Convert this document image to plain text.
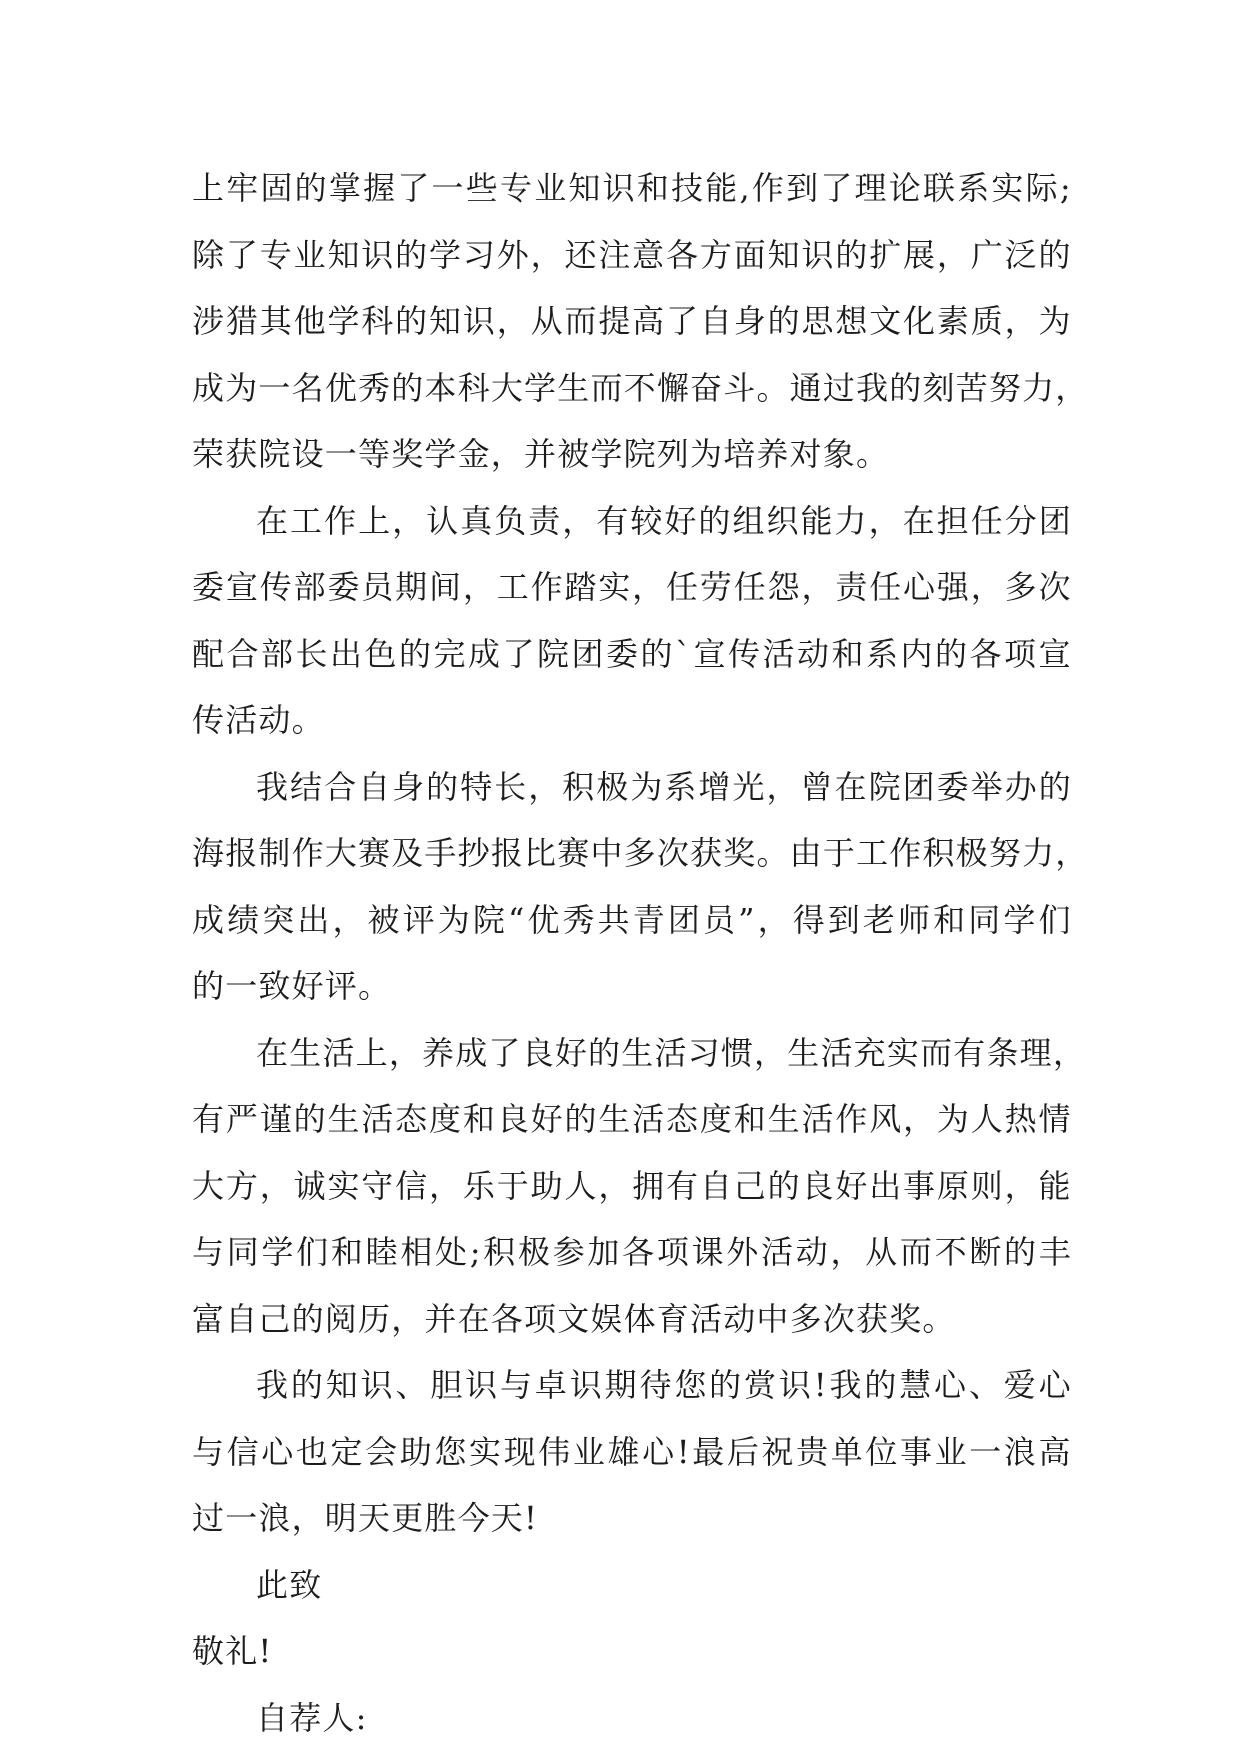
上 牢 固 的 掌 握 了 一 些 专 业 知 识 和 技 能 , 作 到 了 理 论 联 系 实 际 ;
除 了 专 业 知 识 的 学 习 外 ， 还 注 意 各 方 面 知 识 的 扩 展 ， 广 泛 的
涉 猎 其 他 学 科 的 知 识 ， 从 而 提 高 了 自 身 的 思 想 文 化 素 质 ， 为
成 为 一 名 优 秀 的 本 科 大 学 生 而 不 懈 奋 斗 。 通 过 我 的 刻 苦 努 力 ，
荣获院设一等奖学金，并被学院列为培养对象。
在 工 作 上 ， 认 真 负 责 ， 有 较 好 的 组 织 能 力 ， 在 担 任 分 团
委 宣 传 部 委 员 期 间 ， 工 作 踏 实 ， 任 劳 任 怨 ， 责 任 心 强 ， 多 次
配 合 部 长 出 色 的 完 成 了 院 团 委 的 ` 宣 传 活 动 和 系 内 的 各 项 宣
传活动。
我 结 合 自 身 的 特 长 ， 积 极 为 系 增 光 ， 曾 在 院 团 委 举 办 的
海 报 制 作 大 赛 及 手 抄 报 比 赛 中 多 次 获 奖 。 由 于 工 作 积 极 努 力 ，
成 绩 突 出 ， 被 评 为 院 “ 优 秀 共 青 团 员 ” ， 得 到 老 师 和 同 学 们
的一致好评。
在 生 活 上 ， 养 成 了 良 好 的 生 活 习 惯 ， 生 活 充 实 而 有 条 理 ，
有 严 谨 的 生 活 态 度 和 良 好 的 生 活 态 度 和 生 活 作 风 ， 为 人 热 情
大 方 ， 诚 实 守 信 ， 乐 于 助 人 ， 拥 有 自 己 的 良 好 出 事 原 则 ， 能
与 同 学 们 和 睦 相 处 ; 积 极 参 加 各 项 课 外 活 动 ， 从 而 不 断 的 丰
富自己的阅历，并在各项文娱体育活动中多次获奖。
我 的 知 识 、 胆 识 与 卓 识 期 待 您 的 赏 识 ! 我 的 慧 心 、 爱 心
与 信 心 也 定 会 助 您 实 现 伟 业 雄 心 ! 最 后 祝 贵 单 位 事 业 一 浪 高
过一浪，明天更胜今天!
此致
敬礼!
自荐人:
